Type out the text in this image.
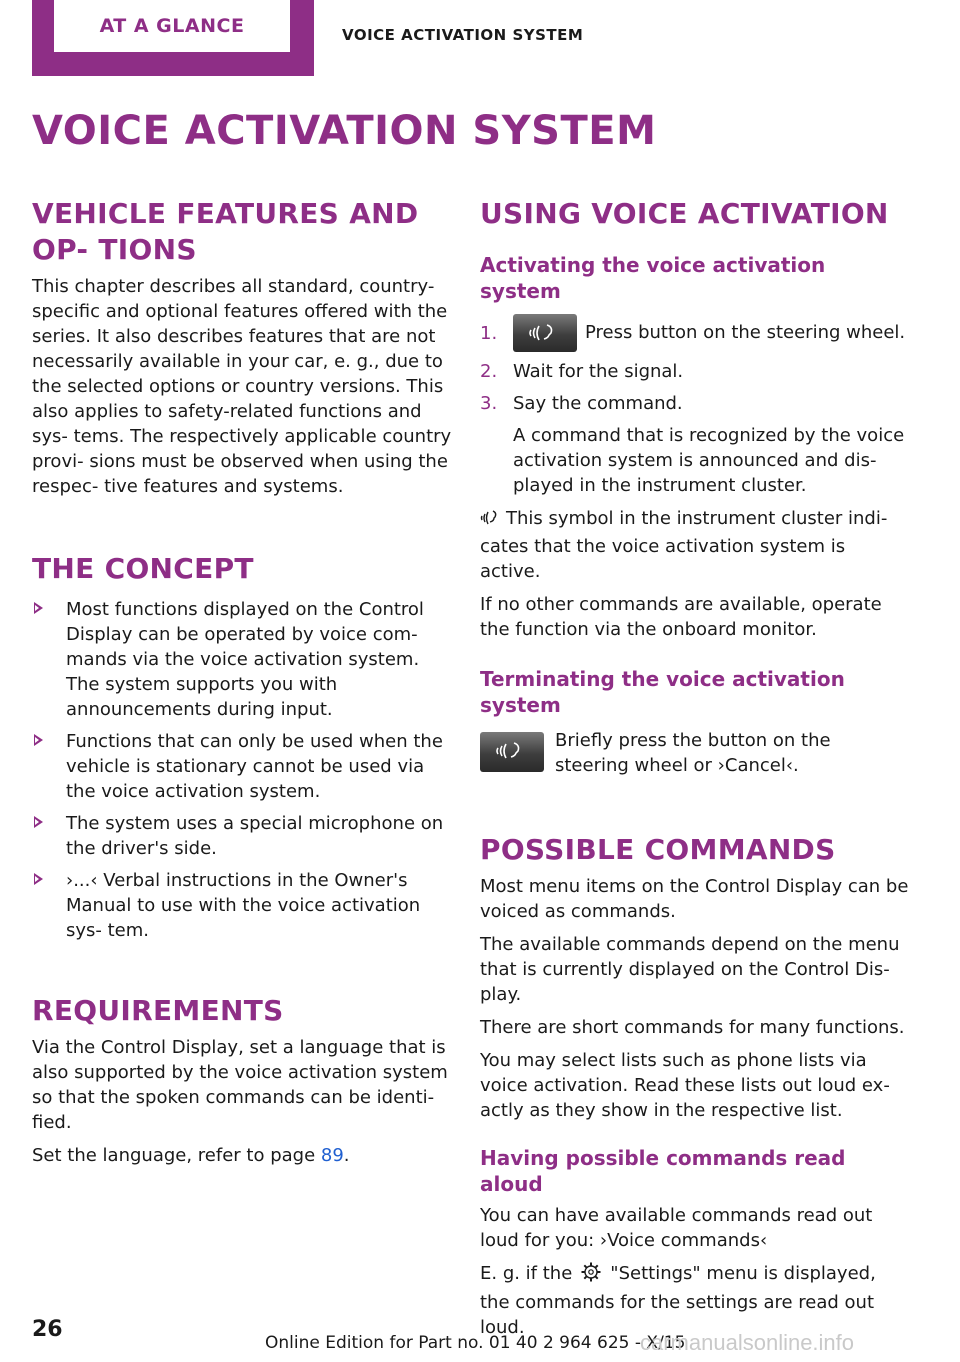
AT A GLANCE	VOICE ACTIVATION SYSTEM
VOICE ACTIVATION SYSTEM
VEHICLE FEATURES AND OP- TIONS

This chapter describes all standard, country-specific and optional features offered with the series. It also describes features that are not necessarily available in your car, e. g., due to the selected options or country versions. This also applies to safety-related functions and sys- tems. The respectively applicable country provi- sions must be observed when using the respec- tive features and systems.

THE CONCEPT
Most functions displayed on the Control Display can be operated by voice com- mands via the voice activation system. The system supports you with announcements during input.
Functions that can only be used when the vehicle is stationary cannot be used via the voice activation system.
The system uses a special microphone on the driver's side.
›...‹ Verbal instructions in the Owner's Manual to use with the voice activation sys- tem.
REQUIREMENTS

Via the Control Display, set a language that is also supported by the voice activation system so that the spoken commands can be identi- fied.

Set the language, refer to page 89.

USING VOICE ACTIVATION
Activating the voice activation system
1.	Press button on the steering wheel.
2. Wait for the signal.
3. Say the command.
A command that is recognized by the voice activation system is announced and dis- played in the instrument cluster.

This symbol in the instrument cluster indi- cates that the voice activation system is active.

If no other commands are available, operate the function via the onboard monitor.

Terminating the voice activation system

Briefly press the button on the steering wheel or ›Cancel‹.

POSSIBLE COMMANDS

Most menu items on the Control Display can be voiced as commands.

The available commands depend on the menu that is currently displayed on the Control Dis- play.

There are short commands for many functions.

You may select lists such as phone lists via voice activation. Read these lists out loud ex- actly as they show in the respective list.

Having possible commands read aloud

You can have available commands read out loud for you: ›Voice commands‹

E. g. if the "Settings" menu is displayed, the commands for the settings are read out loud.

26
Online Edition for Part no. 01 40 2 964 625 - X/15
carmanualsonline.info
